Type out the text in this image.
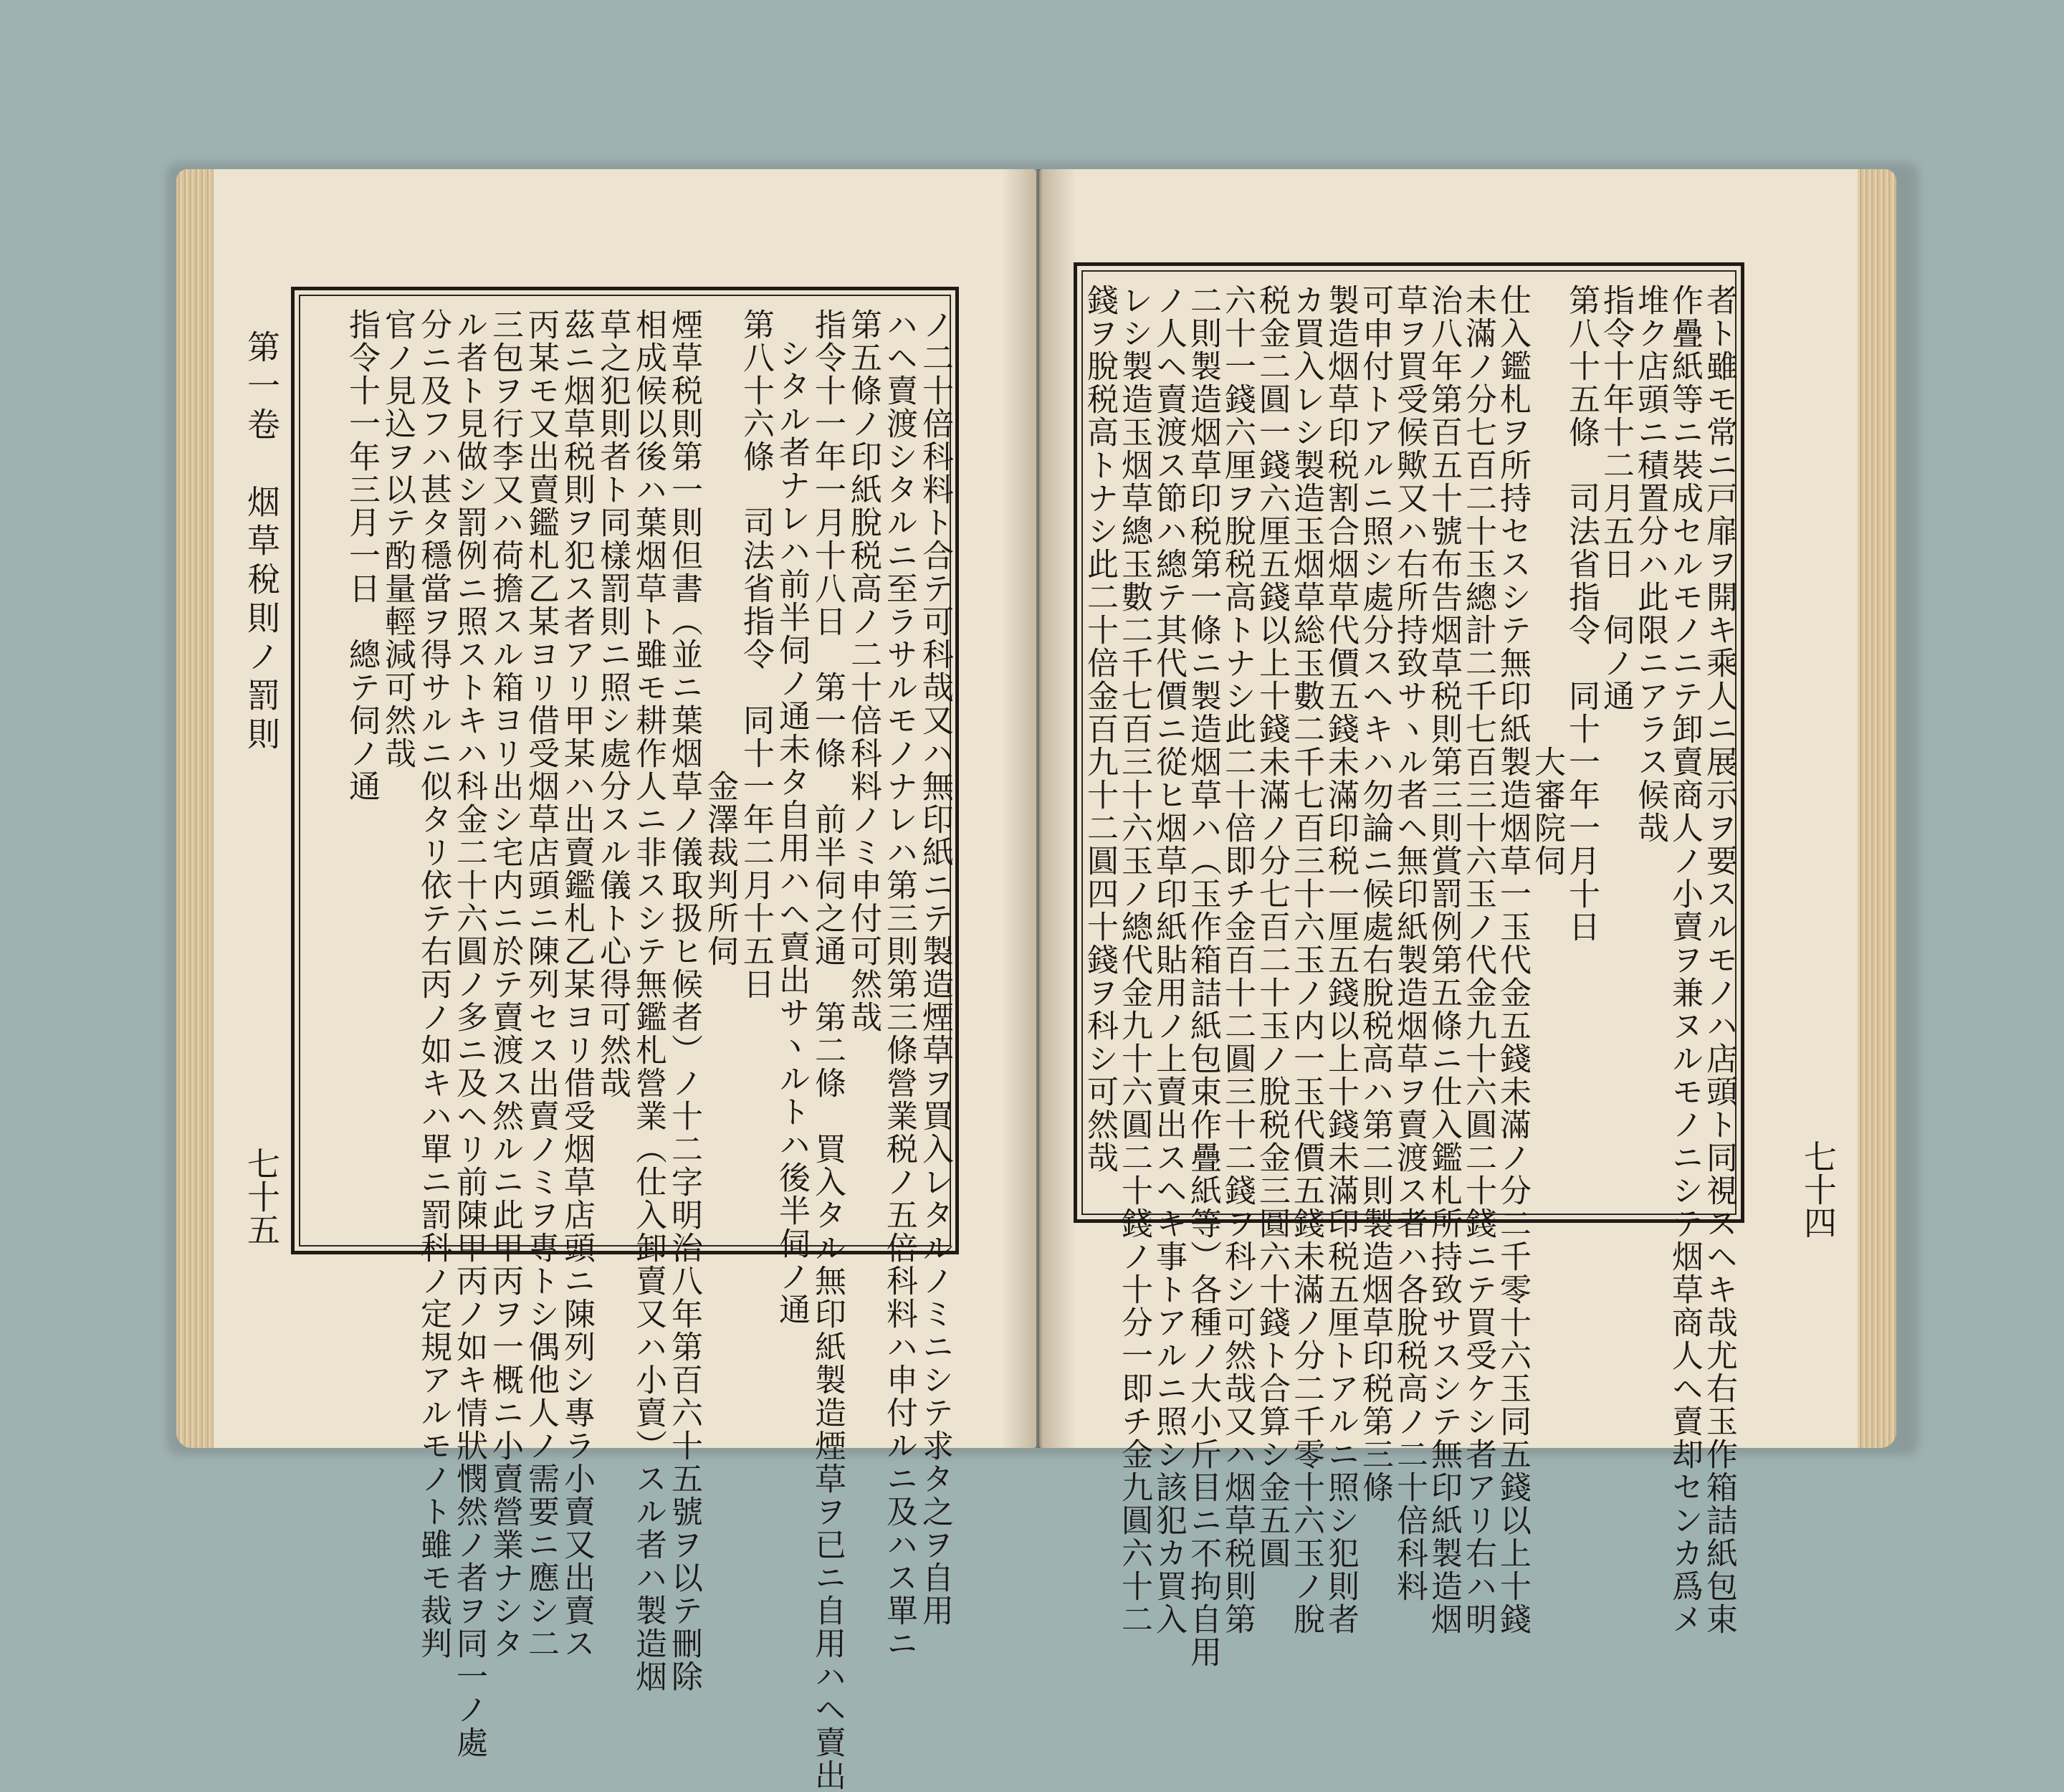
第一卷　烟草稅則ノ罰則
七十五	ノ二十倍科料ト合テ可科哉又ハ無印紙ニテ製造煙草ヲ買入レタルノミニシテ求タ之ヲ自用
ハヘ賣渡シタルニ至ラサルモノナレハ第三則第三條營業税ノ五倍科料ハ申付ルニ及ハス單ニ
第五條ノ印紙脫税高ノ二十倍科料ノミ申付可然哉
指令十一年一月十八日　第一條　前半伺之通　第二條　買入タル無印紙製造煙草ヲ已ニ自用ハヘ賣出
シタル者ナレハ前半伺ノ通未タ自用ハヘ賣出サヽルトハ後半伺ノ通
第八十六條　司法省指令　同十一年二月十五日
　　　　　　　　　　　　　　金澤裁判所伺
煙草税則第一則但書（並ニ葉烟草ノ儀取扱ヒ候者）ノ十二字明治八年第百六十五號ヲ以テ刪除
相成候以後ハ葉烟草ト雖モ耕作人ニ非スシテ無鑑札營業（仕入卸賣又ハ小賣）スル者ハ製造烟
草之犯則者ト同樣罰則ニ照シ處分スル儀ト心得可然哉
茲ニ烟草税則ヲ犯ス者アリ甲某ハ出賣鑑札乙某ヨリ借受烟草店頭ニ陳列シ專ラ小賣又出賣ス
丙某モ又出賣鑑札乙某ヨリ借受烟草店頭ニ陳列セス出賣ノミヲ專トシ偶他人ノ需要ニ應シ二
三包ヲ行李又ハ荷擔スル箱ヨリ出シ宅内ニ於テ賣渡ス然ルニ此甲丙ヲ一概ニ小賣營業ナシタ
ル者ト見做シ罰例ニ照ストキハ科金二十六圓ノ多ニ及ヘリ前陳甲丙ノ如キ情狀憫然ノ者ヲ同一ノ處
分ニ及フハ甚タ穩當ヲ得サルニ似タリ依テ右丙ノ如キハ單ニ罰科ノ定規アルモノト雖モ裁判
官ノ見込ヲ以テ酌量輕減可然哉
指令十一年三月一日　總テ伺ノ通
七十四
者ト雖モ常ニ戸扉ヲ開キ乘人ニ展示ヲ要スルモノハ店頭ト同視スヘキ哉尤右玉作箱詰紙包束
作疊紙等ニ裝成セルモノニテ卸賣商人ノ小賣ヲ兼ヌルモノニシテ烟草商人ヘ賣却センカ爲メ
堆ク店頭ニ積置分ハ此限ニアラス候哉
指令十年十二月五日　伺ノ通
第八十五條　司法省指令　同十一年一月十日
　　　　　　　　　　　　　　大審院伺
仕入鑑札ヲ所持セスシテ無印紙製造烟草一玉代金五錢未滿ノ分二千零十六玉同五錢以上十錢
未滿ノ分七百二十玉總計二千七百三十六玉ノ代金九十六圓二十錢ニテ買受ケシ者アリ右ハ明
治八年第百五十號布告烟草税則第三則賞罰例第五條ニ仕入鑑札所持致サスシテ無印紙製造烟
草ヲ買受候歟又ハ右所持致サヽル者ヘ無印紙製造烟草ヲ賣渡ス者ハ各脫税高ノ二十倍科料
可申付トアルニ照シ處分スヘキハ勿論ニ候處右脫税高ハ第二則製造烟草印税第三條
製造烟草印税割合烟草代價五錢未滿印税一厘五錢以上十錢未滿印税五厘トアルニ照シ犯則者
カ買入レシ製造玉烟草総玉數二千七百三十六玉ノ内一玉代價五錢未滿ノ分二千零十六玉ノ脫
税金二圓一錢六厘五錢以上十錢未滿ノ分七百二十玉ノ脫税金三圓六十錢ト合算シ金五圓
六十一錢六厘ヲ脫税高トナシ此二十倍即チ金百十二圓三十二錢ヲ科シ可然哉又ハ烟草税則第
二則製造烟草印税第一條ニ製造烟草ハ（玉作箱詰紙包束作疊紙等）各種ノ大小斤目ニ不拘自用
ノ人ヘ賣渡ス節ハ總テ其代價ニ從ヒ烟草印紙貼用ノ上賣出スヘキ事トアルニ照シ該犯カ買入
レシ製造玉烟草總玉數二千七百三十六玉ノ總代金九十六圓二十錢ノ十分一即チ金九圓六十二
錢ヲ脫税高トナシ此二十倍金百九十二圓四十錢ヲ科シ可然哉
